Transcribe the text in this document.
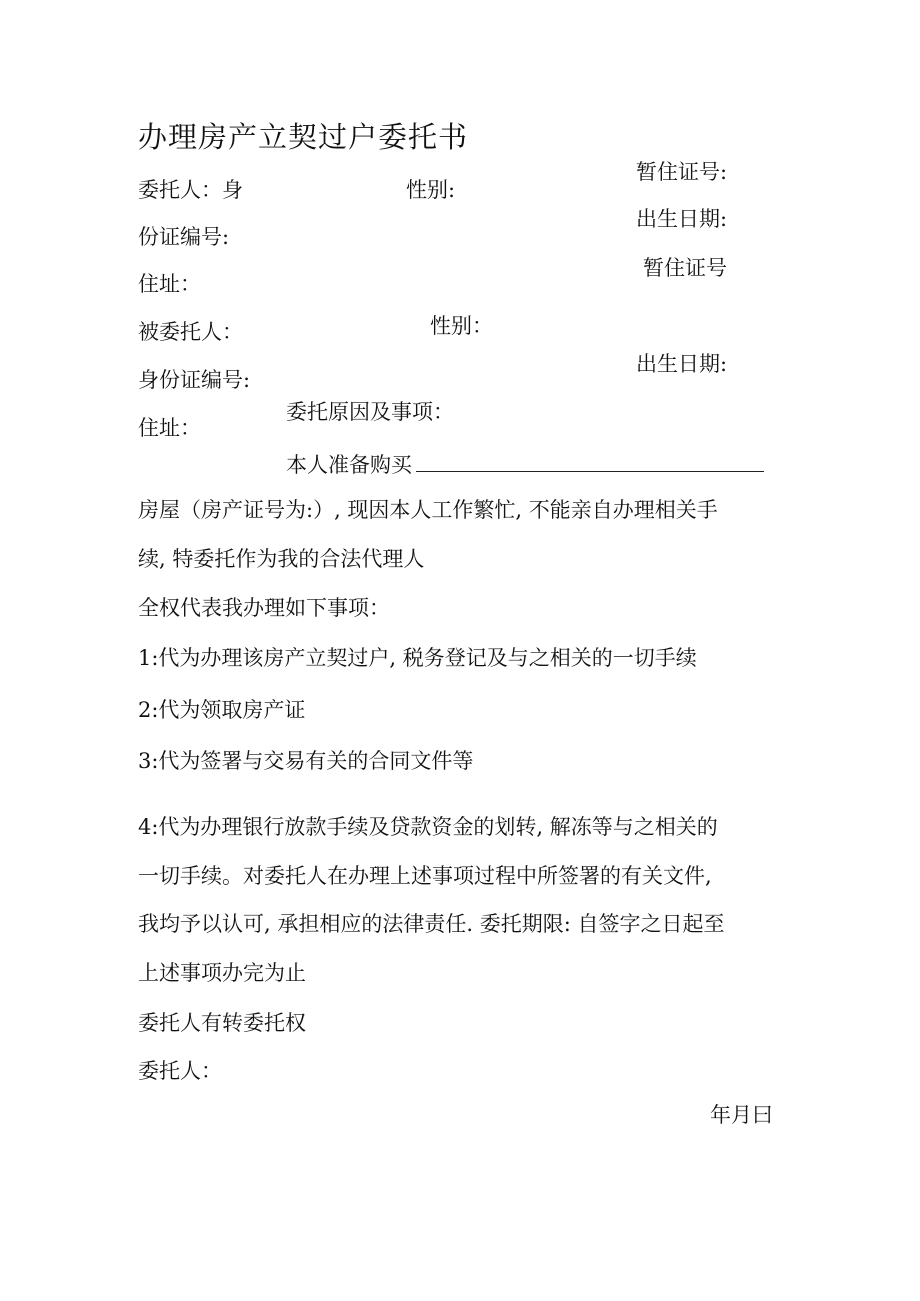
办理房产立契过户委托书
暂住证号:
委托人：身	性别:
出生日期:
份证编号:
暂住证号
住址：
性别：
被委托人：
出生日期:
身份证编号:
委托原因及事项：
住址：
本人准备购买
房屋（房产证号为:）, 现因本人工作繁忙, 不能亲自办理相关手
续, 特委托作为我的合法代理人
全权代表我办理如下事项：
1:代为办理该房产立契过户, 税务登记及与之相关的一切手续
2:代为领取房产证
3:代为签署与交易有关的合同文件等
4:代为办理银行放款手续及贷款资金的划转, 解冻等与之相关的
一切手续。对委托人在办理上述事项过程中所签署的有关文件,
我均予以认可, 承担相应的法律责任. 委托期限: 自签字之日起至
上述事项办完为止
委托人有转委托权
委托人：
年月曰
